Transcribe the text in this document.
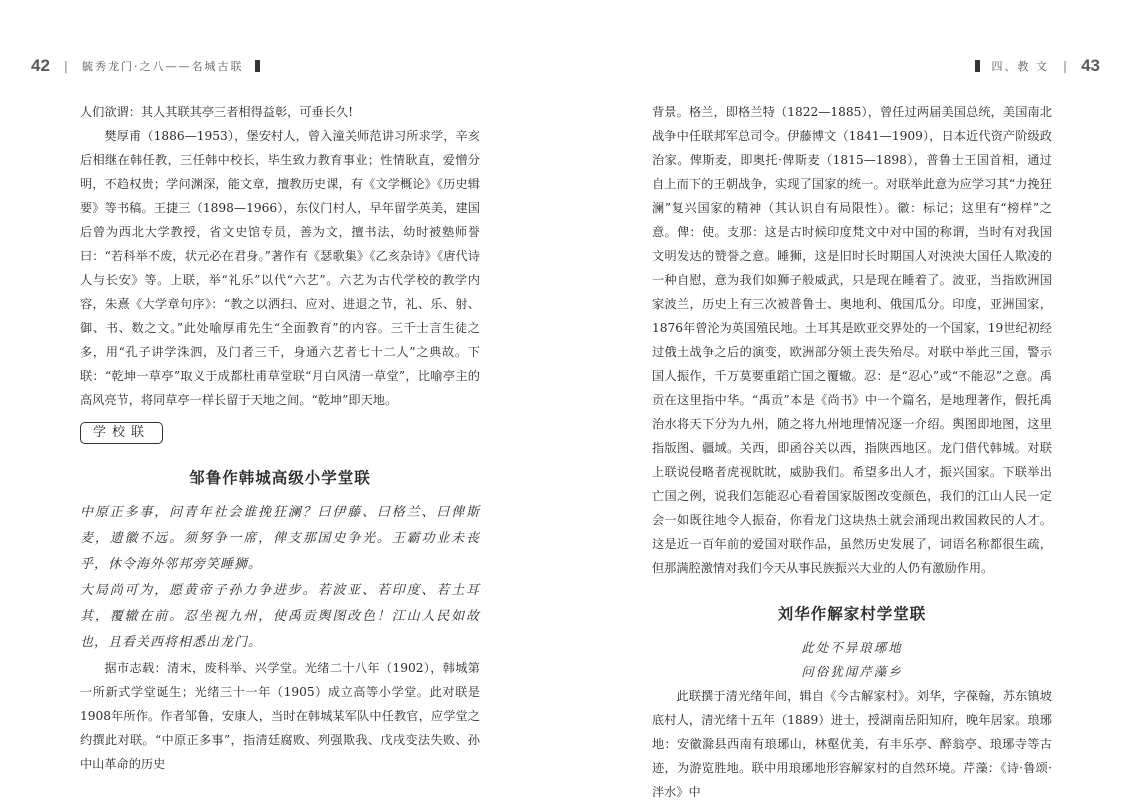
42 | 毓秀龙门·之八——名城古联	四、教 文 | 43

人们欲谓：其人其联其亭三者相得益彰，可垂长久!

樊厚甫（1886—1953），堡安村人，曾入潼关师范讲习所求学，辛亥后相继在韩任教，三任韩中校长，毕生致力教育事业；性情耿直，爱憎分明，不趋权贵；学问渊深，能文章，擅教历史课，有《文学概论》《历史辑要》等书稿。王捷三（1898—1966），东仪门村人，早年留学英美，建国后曾为西北大学教授，省文史馆专员，善为文，擅书法，幼时被塾师誉曰：“若科举不废，状元必在君身。”著作有《瑟歌集》《乙亥杂诗》《唐代诗人与长安》等。上联，举“礼乐”以代“六艺”。六艺为古代学校的教学内容，朱熹《大学章句序》：“教之以洒扫、应对、进退之节，礼、乐、射、御、书、数之文。”此处喻厚甫先生“全面教育”的内容。三千士言生徒之多，用“孔子讲学洙泗，及门者三千，身通六艺者七十二人”之典故。下联：“乾坤一草亭”取义于成都杜甫草堂联“月白风清一草堂”，比喻亭主的高风亮节，将同草亭一样长留于天地之间。“乾坤”即天地。

学校联
邹鲁作韩城高级小学堂联

中原正多事，问青年社会谁挽狂澜？曰伊藤、曰格兰、曰俾斯麦，遗徽不远。须努争一席，俾支那国史争光。王霸功业未丧乎，休令海外邻邦旁笑睡狮。

大局尚可为，愿黄帝子孙力争进步。若波亚、若印度、若土耳其，覆辙在前。忍坐视九州，使禹贡舆图改色！江山人民如故也，且看关西将相悉出龙门。

据市志载：清末，废科举、兴学堂。光绪二十八年（1902），韩城第一所新式学堂诞生；光绪三十一年（1905）成立高等小学堂。此对联是1908年所作。作者邹鲁，安康人，当时在韩城某军队中任教官，应学堂之约撰此对联。“中原正多事”，指清廷腐败、列强欺我、戊戌变法失败、孙中山革命的历史

背景。格兰，即格兰特（1822—1885），曾任过两届美国总统，美国南北战争中任联邦军总司令。伊藤博文（1841—1909），日本近代资产阶级政治家。俾斯麦，即奥托·俾斯麦（1815—1898），普鲁士王国首相，通过自上而下的王朝战争，实现了国家的统一。对联举此意为应学习其“力挽狂澜”复兴国家的精神（其认识自有局限性）。徽：标记；这里有“榜样”之意。俾：使。支那：这是古时候印度梵文中对中国的称谓，当时有对我国文明发达的赞誉之意。睡狮，这是旧时长时期国人对泱泱大国任人欺凌的一种自慰，意为我们如狮子般威武，只是现在睡着了。波亚，当指欧洲国家波兰，历史上有三次被普鲁士、奥地利、俄国瓜分。印度，亚洲国家，1876年曾沦为英国殖民地。土耳其是欧亚交界处的一个国家，19世纪初经过俄土战争之后的演变，欧洲部分领土丧失殆尽。对联中举此三国，警示国人振作，千万莫要重蹈亡国之覆辙。忍：是“忍心”或“不能忍”之意。禹贡在这里指中华。“禹贡”本是《尚书》中一个篇名，是地理著作，假托禹治水将天下分为九州，随之将九州地理情况逐一介绍。舆图即地图，这里指版图、疆域。关西，即函谷关以西，指陕西地区。龙门借代韩城。对联上联说侵略者虎视眈眈，威胁我们。希望多出人才，振兴国家。下联举出亡国之例，说我们怎能忍心看着国家版图改变颜色，我们的江山人民一定会一如既往地令人振奋，你看龙门这块热土就会涌现出救国救民的人才。这是近一百年前的爱国对联作品，虽然历史发展了，词语名称都很生疏，但那满腔激情对我们今天从事民族振兴大业的人仍有激励作用。

刘华作解家村学堂联

此处不异琅琊地

问俗犹闻芹藻乡

此联撰于清光绪年间，辑自《今古解家村》。刘华，字葆翰，苏东镇坡底村人，清光绪十五年（1889）进士，授湖南岳阳知府，晚年居家。琅琊地：安徽滁县西南有琅琊山，林壑优美，有丰乐亭、醉翁亭、琅琊寺等古迹，为游览胜地。联中用琅琊地形容解家村的自然环境。芹藻：《诗·鲁颂·泮水》中
